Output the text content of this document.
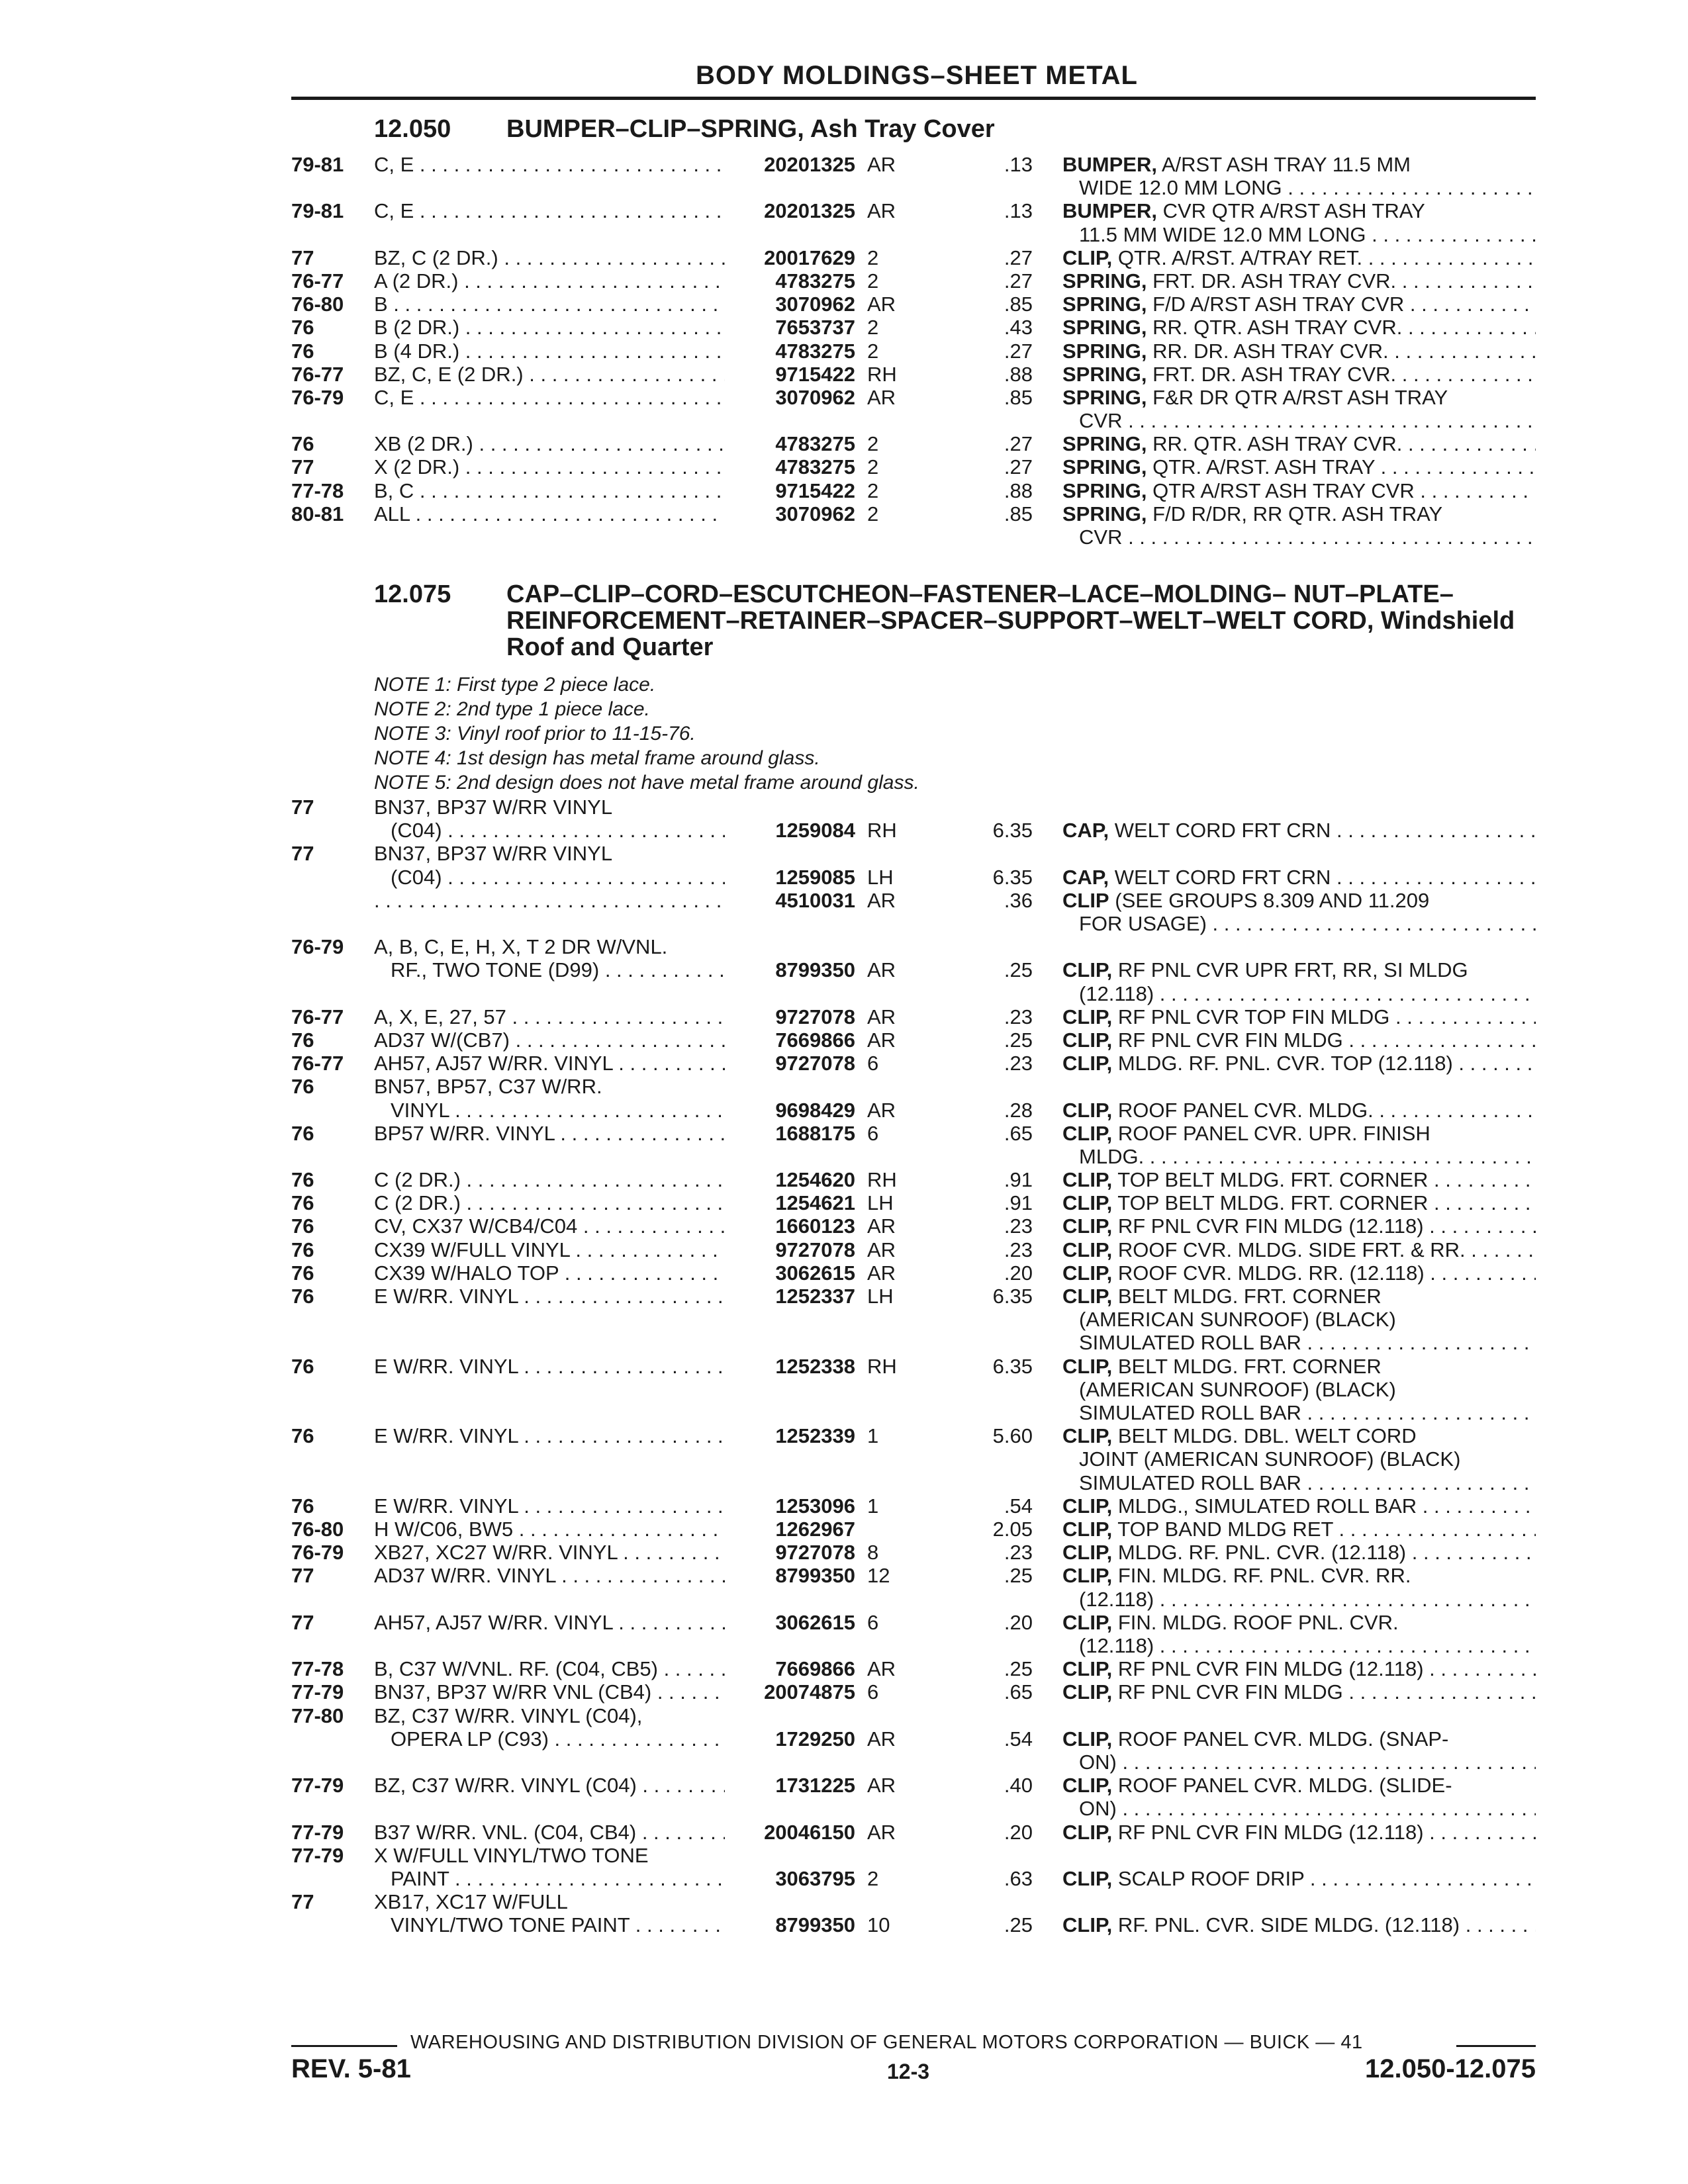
BODY MOLDINGS–SHEET METAL
12.050 BUMPER–CLIP–SPRING, Ash Tray Cover
79-81 C, E . . .	20201325 AR	.13 BUMPER, A/RST ASH TRAY 11.5 MM
WIDE 12.0 MM LONG . . .
79-81 C, E . . .	20201325 AR	.13 BUMPER, CVR QTR A/RST ASH TRAY
11.5 MM WIDE 12.0 MM LONG . . .
77	BZ, C (2 DR.) . . .	20017629 2	.27 CLIP, QTR. A/RST. A/TRAY RET. . . .
76-77 A (2 DR.) . . .	4783275 2	.27 SPRING, FRT. DR. ASH TRAY CVR. . . .
76-80 B . . .	3070962 AR	.85 SPRING, F/D A/RST ASH TRAY CVR . . .
76	B (2 DR.) . . .	7653737 2	.43 SPRING, RR. QTR. ASH TRAY CVR. . . .
76	B (4 DR.) . . .	4783275 2	.27 SPRING, RR. DR. ASH TRAY CVR. . . .
76-77 BZ, C, E (2 DR.) . . .	9715422 RH	.88 SPRING, FRT. DR. ASH TRAY CVR. . . .
76-79 C, E . . .	3070962 AR	.85 SPRING, F&R DR QTR A/RST ASH TRAY
CVR . . .
76	XB (2 DR.) . . .	4783275 2	.27 SPRING, RR. QTR. ASH TRAY CVR. . . .
77	X (2 DR.) . . .	4783275 2	.27 SPRING, QTR. A/RST. ASH TRAY . . .
77-78 B, C . . .	9715422 2	.88 SPRING, QTR A/RST ASH TRAY CVR . . .
80-81 ALL . . .	3070962 2	.85 SPRING, F/D R/DR, RR QTR. ASH TRAY
CVR . . .
12.075 CAP–CLIP–CORD–ESCUTCHEON–FASTENER–LACE–MOLDING– NUT–PLATE–REINFORCEMENT–RETAINER–SPACER–SUPPORT–WELT–WELT CORD, Windshield Roof and Quarter
NOTE 1: First type 2 piece lace.
NOTE 2: 2nd type 1 piece lace.
NOTE 3: Vinyl roof prior to 11-15-76.
NOTE 4: 1st design has metal frame around glass.
NOTE 5: 2nd design does not have metal frame around glass.
77	BN37, BP37 W/RR VINYL
(C04) . . .	1259084 RH	6.35 CAP, WELT CORD FRT CRN . . .
77	BN37, BP37 W/RR VINYL
(C04) . . .	1259085 LH	6.35 CAP, WELT CORD FRT CRN . . .
. . .
4510031 AR	.36 CLIP (SEE GROUPS 8.309 AND 11.209
FOR USAGE) . . .
76-79 A, B, C, E, H, X, T 2 DR W/VNL.
RF., TWO TONE (D99) . . .	8799350 AR	.25 CLIP, RF PNL CVR UPR FRT, RR, SI MLDG
(12.118) . . .
76-77 A, X, E, 27, 57 . . .	9727078 AR	.23 CLIP, RF PNL CVR TOP FIN MLDG . . .
76	AD37 W/(CB7) . . .	7669866 AR	.25 CLIP, RF PNL CVR FIN MLDG . . .
76-77 AH57, AJ57 W/RR. VINYL . . .	9727078 6	.23 CLIP, MLDG. RF. PNL. CVR. TOP (12.118) . . .
76	BN57, BP57, C37 W/RR.
VINYL . . .	9698429 AR	.28 CLIP, ROOF PANEL CVR. MLDG. . . .
76	BP57 W/RR. VINYL . . .	1688175 6	.65 CLIP, ROOF PANEL CVR. UPR. FINISH
MLDG. . . .
76	C (2 DR.) . . .	1254620 RH	.91 CLIP, TOP BELT MLDG. FRT. CORNER . . .
76	C (2 DR.) . . .	1254621 LH	.91 CLIP, TOP BELT MLDG. FRT. CORNER . . .
76	CV, CX37 W/CB4/C04 . . .	1660123 AR	.23 CLIP, RF PNL CVR FIN MLDG (12.118) . . .
76	CX39 W/FULL VINYL . . .	9727078 AR	.23 CLIP, ROOF CVR. MLDG. SIDE FRT. & RR. . . .
76	CX39 W/HALO TOP . . .	3062615 AR	.20 CLIP, ROOF CVR. MLDG. RR. (12.118) . . .
76	E W/RR. VINYL . . .	1252337 LH	6.35 CLIP, BELT MLDG. FRT. CORNER
(AMERICAN SUNROOF) (BLACK)
SIMULATED ROLL BAR . . .
76	E W/RR. VINYL . . .	1252338 RH	6.35 CLIP, BELT MLDG. FRT. CORNER
(AMERICAN SUNROOF) (BLACK)
SIMULATED ROLL BAR . . .
76	E W/RR. VINYL . . .	1252339 1	5.60 CLIP, BELT MLDG. DBL. WELT CORD
JOINT (AMERICAN SUNROOF) (BLACK)
SIMULATED ROLL BAR . . .
76	E W/RR. VINYL . . .	1253096 1	.54 CLIP, MLDG., SIMULATED ROLL BAR . . .
76-80 H W/C06, BW5 . . .	1262967	2.05 CLIP, TOP BAND MLDG RET . . .
76-79 XB27, XC27 W/RR. VINYL . . .	9727078 8	.23 CLIP, MLDG. RF. PNL. CVR. (12.118) . . .
77	AD37 W/RR. VINYL . . .	8799350 12	.25 CLIP, FIN. MLDG. RF. PNL. CVR. RR.
(12.118) . . .
77	AH57, AJ57 W/RR. VINYL . . .	3062615 6	.20 CLIP, FIN. MLDG. ROOF PNL. CVR.
(12.118) . . .
77-78 B, C37 W/VNL. RF. (C04, CB5) . . .	7669866 AR	.25 CLIP, RF PNL CVR FIN MLDG (12.118) . . .
77-79 BN37, BP37 W/RR VNL (CB4) . . .	20074875 6	.65 CLIP, RF PNL CVR FIN MLDG . . .
77-80 BZ, C37 W/RR. VINYL (C04),
OPERA LP (C93) . . .	1729250 AR	.54 CLIP, ROOF PANEL CVR. MLDG. (SNAP-
ON) . . .
77-79 BZ, C37 W/RR. VINYL (C04) . . .	1731225 AR	.40 CLIP, ROOF PANEL CVR. MLDG. (SLIDE-
ON) . . .
77-79 B37 W/RR. VNL. (C04, CB4) . . .	20046150 AR	.20 CLIP, RF PNL CVR FIN MLDG (12.118) . . .
77-79 X W/FULL VINYL/TWO TONE
PAINT . . .	3063795 2	.63 CLIP, SCALP ROOF DRIP . . .
77	XB17, XC17 W/FULL
VINYL/TWO TONE PAINT . . .	8799350 10	.25 CLIP, RF. PNL. CVR. SIDE MLDG. (12.118) . . .
WAREHOUSING AND DISTRIBUTION DIVISION OF GENERAL MOTORS CORPORATION — BUICK — 41
REV. 5-81	12-3	12.050-12.075
